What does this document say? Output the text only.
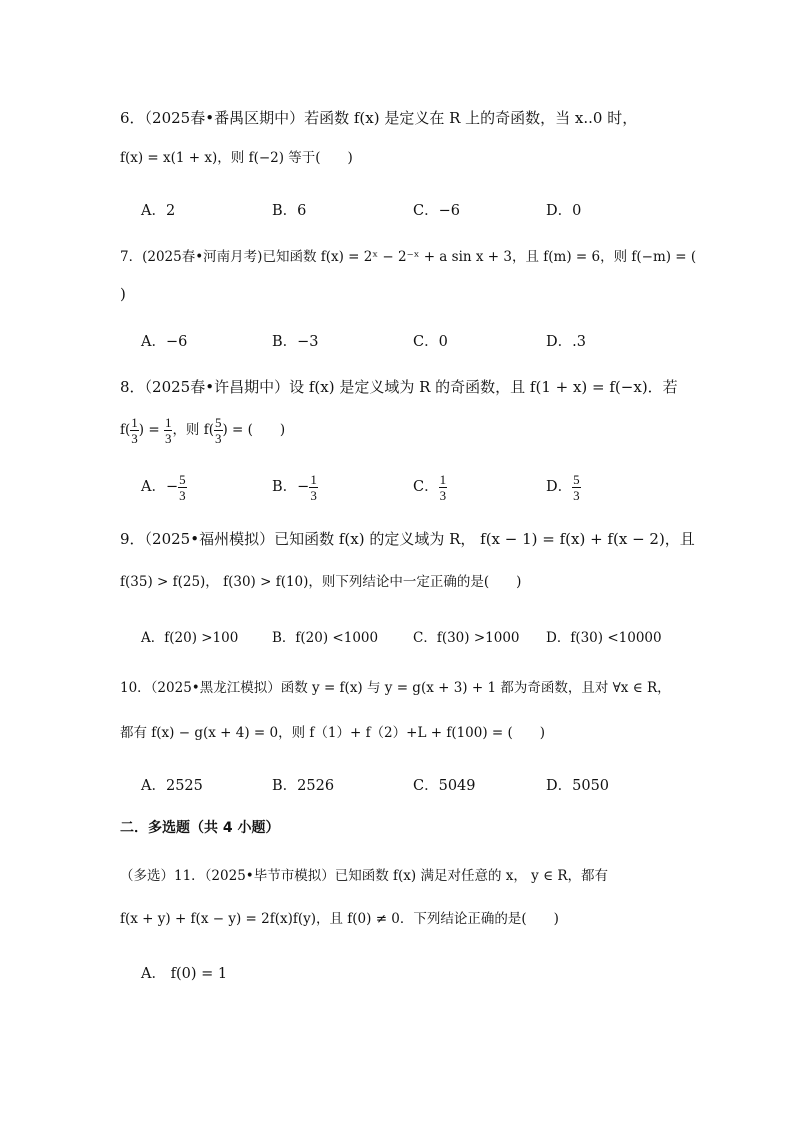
6．（2025春•番禺区期中）若函数 f(x) 是定义在 R 上的奇函数，当 x..0 时，
f(x) = x(1 + x)，则 f(−2) 等于(　　)
A．2	B．6	C．−6	D．0
7．(2025春•河南月考)已知函数 f(x) = 2ˣ − 2⁻ˣ + a sin x + 3，且 f(m) = 6，则 f(−m) = (
)
A．−6	B．−3	C．0	D．.3
8．（2025春•许昌期中）设 f(x) 是定义域为 R 的奇函数，且 f(1 + x) = f(−x)．若
$f( \frac{1}{3}$ ) = $\frac{1}{3}$ ，则 $f( \frac{5}{3}$ ) = (　　)
A．− $\frac{5}{3}$	B．− $\frac{1}{3}$	C． $\frac{1}{3}$	D． $\frac{5}{3}$
9．（2025•福州模拟）已知函数 f(x) 的定义域为 R， f(x − 1) = f(x) + f(x − 2)，且
f(35) > f(25)， f(30) > f(10)，则下列结论中一定正确的是(　　)
A．f(20) >100 B．f(20) <1000	C．f(30) >1000 D．f(30) <10000
10．（2025•黑龙江模拟）函数 y = f(x) 与 y = g(x + 3) + 1 都为奇函数，且对 ∀x ∈ R，
都有 f(x) − g(x + 4) = 0，则 f（1）+ f（2）+L + f(100) = (　　)
A．2525	B．2526	C．5049	D．5050
二．多选题（共 4 小题）
（多选）11．（2025•毕节市模拟）已知函数 f(x) 满足对任意的 x， y ∈ R，都有
f(x + y) + f(x − y) = 2f(x)f(y)，且 f(0) ≠ 0．下列结论正确的是(　　)
A． f(0) = 1
